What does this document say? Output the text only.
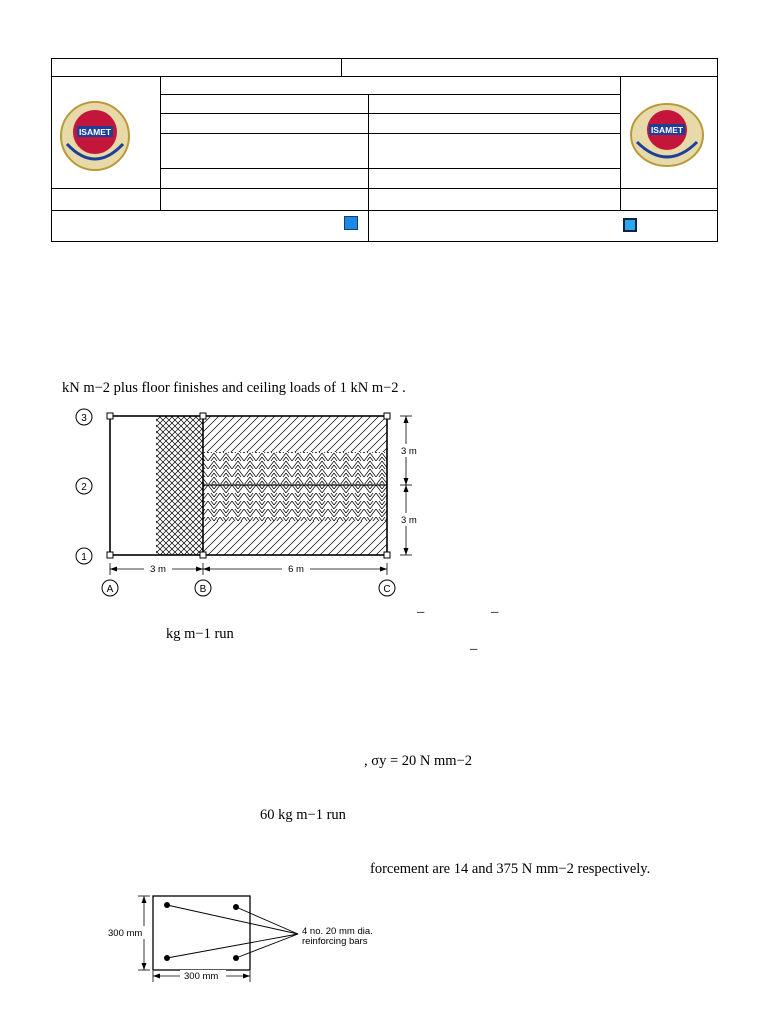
ISAMET	ISAMET
kN m−2 plus floor finishes and ceiling loads of 1 kN m−2 .
3
2
1
3 m	6 m
A	B	C
3 m
3 m
–	–
kg m−1 run
–
, σy = 20 N mm−2
60 kg m−1 run
forcement are 14 and 375 N mm−2 respectively.
4 no. 20 mm dia.
reinforcing bars
300 mm
300 mm
